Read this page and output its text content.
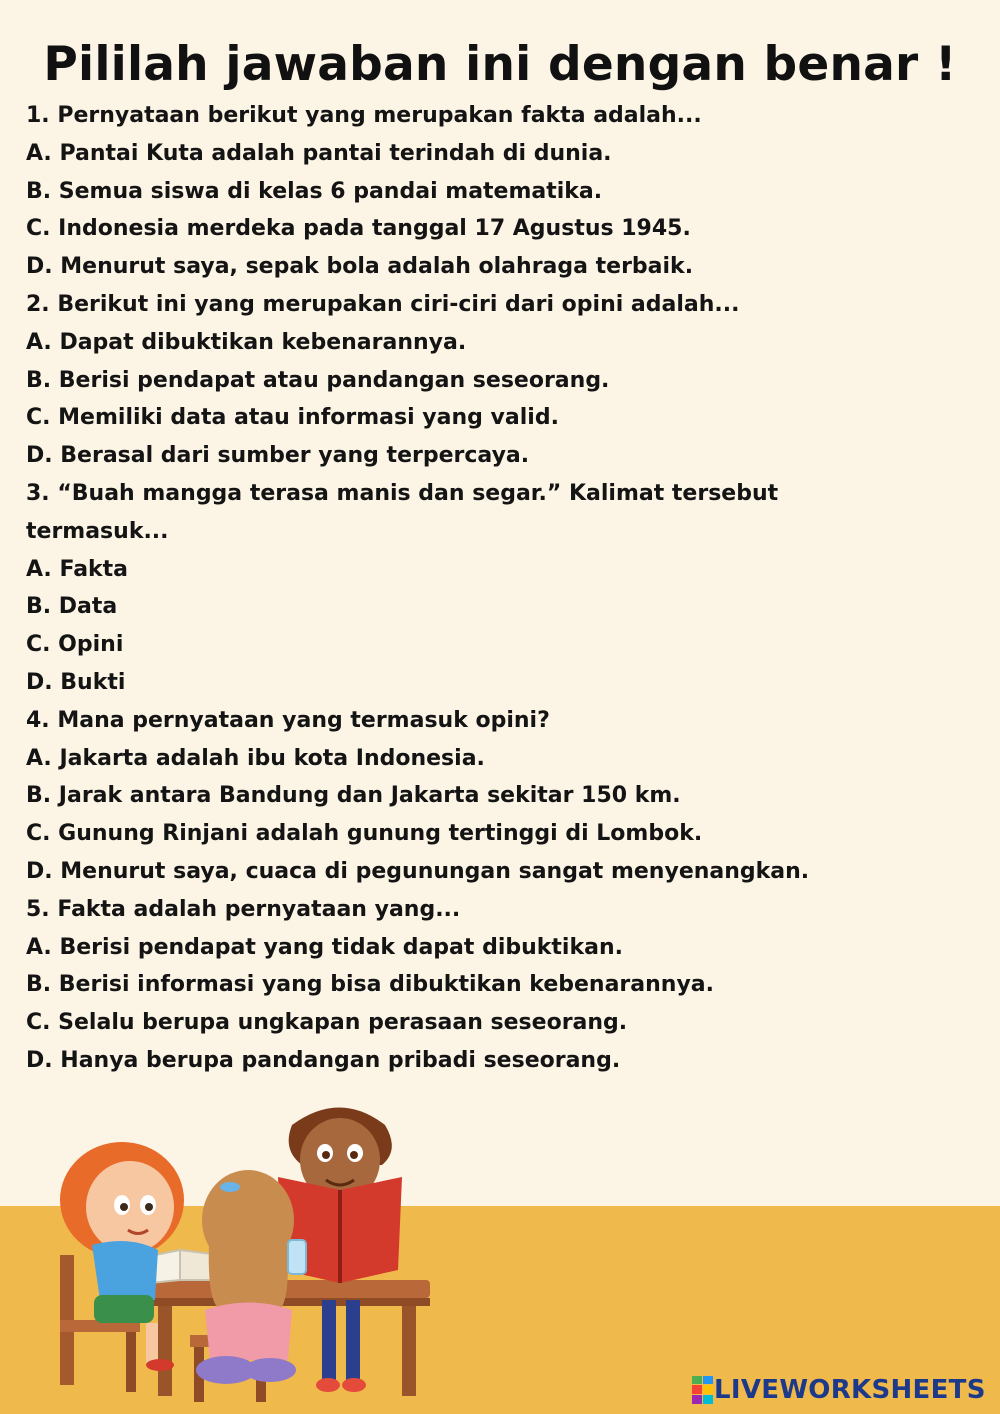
Pililah jawaban ini dengan benar !
1. Pernyataan berikut yang merupakan fakta adalah...
A. Pantai Kuta adalah pantai terindah di dunia.
B. Semua siswa di kelas 6 pandai matematika.
C. Indonesia merdeka pada tanggal 17 Agustus 1945.
D. Menurut saya, sepak bola adalah olahraga terbaik.
2. Berikut ini yang merupakan ciri-ciri dari opini adalah...
A. Dapat dibuktikan kebenarannya.
B. Berisi pendapat atau pandangan seseorang.
C. Memiliki data atau informasi yang valid.
D. Berasal dari sumber yang terpercaya.
3. “Buah mangga terasa manis dan segar.” Kalimat tersebut
termasuk...
A. Fakta
B. Data
C. Opini
D. Bukti
4. Mana pernyataan yang termasuk opini?
A. Jakarta adalah ibu kota Indonesia.
B. Jarak antara Bandung dan Jakarta sekitar 150 km.
C. Gunung Rinjani adalah gunung tertinggi di Lombok.
D. Menurut saya, cuaca di pegunungan sangat menyenangkan.
5. Fakta adalah pernyataan yang...
A. Berisi pendapat yang tidak dapat dibuktikan.
B. Berisi informasi yang bisa dibuktikan kebenarannya.
C. Selalu berupa ungkapan perasaan seseorang.
D. Hanya berupa pandangan pribadi seseorang.
LIVEWORKSHEETS
